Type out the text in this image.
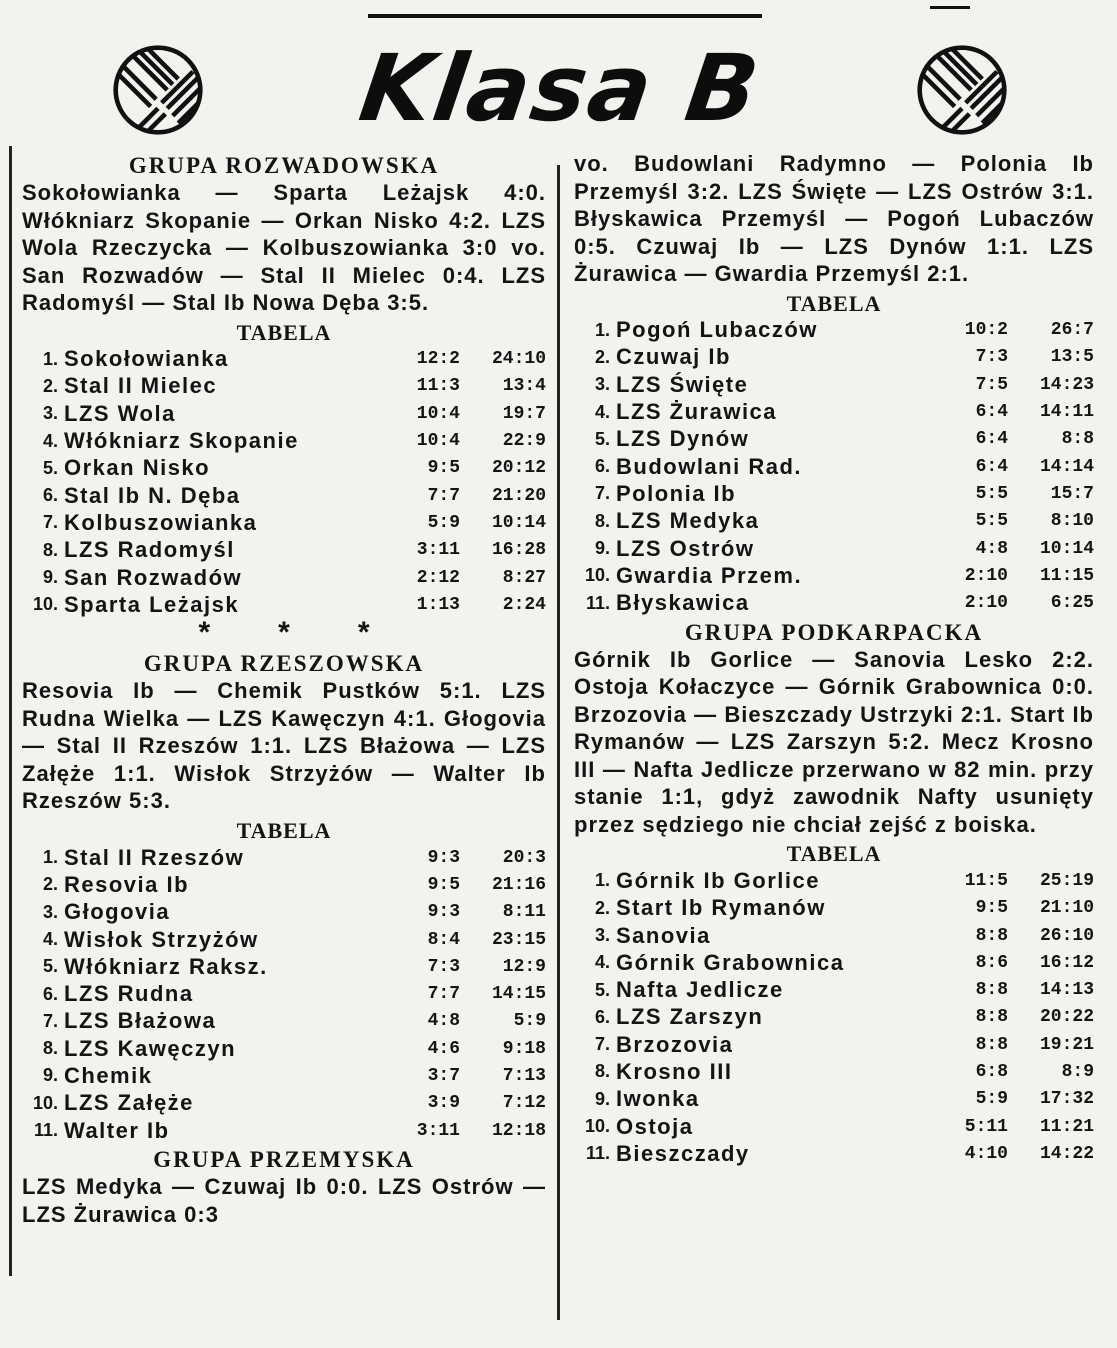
Klasa B
GRUPA ROZWADOWSKA

Sokołowianka — Sparta Leżajsk 4:0. Włókniarz Skopanie — Orkan Nisko 4:2. LZS Wola Rzeczycka — Kolbuszowianka 3:0 vo. San Rozwadów — Stal II Mielec 0:4. LZS Radomyśl — Stal Ib Nowa Dęba 3:5.

TABELA
1.	Sokołowianka	12:2	24:10
2.	Stal II Mielec	11:3	13:4
3.	LZS Wola	10:4	19:7
4.	Włókniarz Skopanie	10:4	22:9
5.	Orkan Nisko	9:5	20:12
6.	Stal Ib N. Dęba	7:7	21:20
7.	Kolbuszowianka	5:9	10:14
8.	LZS Radomyśl	3:11	16:28
9.	San Rozwadów	2:12	8:27
10.	Sparta Leżajsk	1:13	2:24
* * *
GRUPA RZESZOWSKA

Resovia Ib — Chemik Pustków 5:1. LZS Rudna Wielka — LZS Kawęczyn 4:1. Głogovia — Stal II Rzeszów 1:1. LZS Błażowa — LZS Załęże 1:1. Wisłok Strzyżów — Walter Ib Rzeszów 5:3.

TABELA
1.	Stal II Rzeszów	9:3	20:3
2.	Resovia Ib	9:5	21:16
3.	Głogovia	9:3	8:11
4.	Wisłok Strzyżów	8:4	23:15
5.	Włókniarz Raksz.	7:3	12:9
6.	LZS Rudna	7:7	14:15
7.	LZS Błażowa	4:8	5:9
8.	LZS Kawęczyn	4:6	9:18
9.	Chemik	3:7	7:13
10.	LZS Załęże	3:9	7:12
11.	Walter Ib	3:11	12:18
GRUPA PRZEMYSKA

LZS Medyka — Czuwaj Ib 0:0. LZS Ostrów — LZS Żurawica 0:3

vo. Budowlani Radymno — Polonia Ib Przemyśl 3:2. LZS Święte — LZS Ostrów 3:1. Błyskawica Przemyśl — Pogoń Lubaczów 0:5. Czuwaj Ib — LZS Dynów 1:1. LZS Żurawica — Gwardia Przemyśl 2:1.

TABELA
1.	Pogoń Lubaczów	10:2	26:7
2.	Czuwaj Ib	7:3	13:5
3.	LZS Święte	7:5	14:23
4.	LZS Żurawica	6:4	14:11
5.	LZS Dynów	6:4	8:8
6.	Budowlani Rad.	6:4	14:14
7.	Polonia Ib	5:5	15:7
8.	LZS Medyka	5:5	8:10
9.	LZS Ostrów	4:8	10:14
10.	Gwardia Przem.	2:10	11:15
11.	Błyskawica	2:10	6:25
GRUPA PODKARPACKA

Górnik Ib Gorlice — Sanovia Lesko 2:2. Ostoja Kołaczyce — Górnik Grabownica 0:0. Brzozovia — Bieszczady Ustrzyki 2:1. Start Ib Rymanów — LZS Zarszyn 5:2. Mecz Krosno III — Nafta Jedlicze przerwano w 82 min. przy stanie 1:1, gdyż zawodnik Nafty usunięty przez sędziego nie chciał zejść z boiska.

TABELA
1.	Górnik Ib Gorlice	11:5	25:19
2.	Start Ib Rymanów	9:5	21:10
3.	Sanovia	8:8	26:10
4.	Górnik Grabownica	8:6	16:12
5.	Nafta Jedlicze	8:8	14:13
6.	LZS Zarszyn	8:8	20:22
7.	Brzozovia	8:8	19:21
8.	Krosno III	6:8	8:9
9.	Iwonka	5:9	17:32
10.	Ostoja	5:11	11:21
11.	Bieszczady	4:10	14:22
